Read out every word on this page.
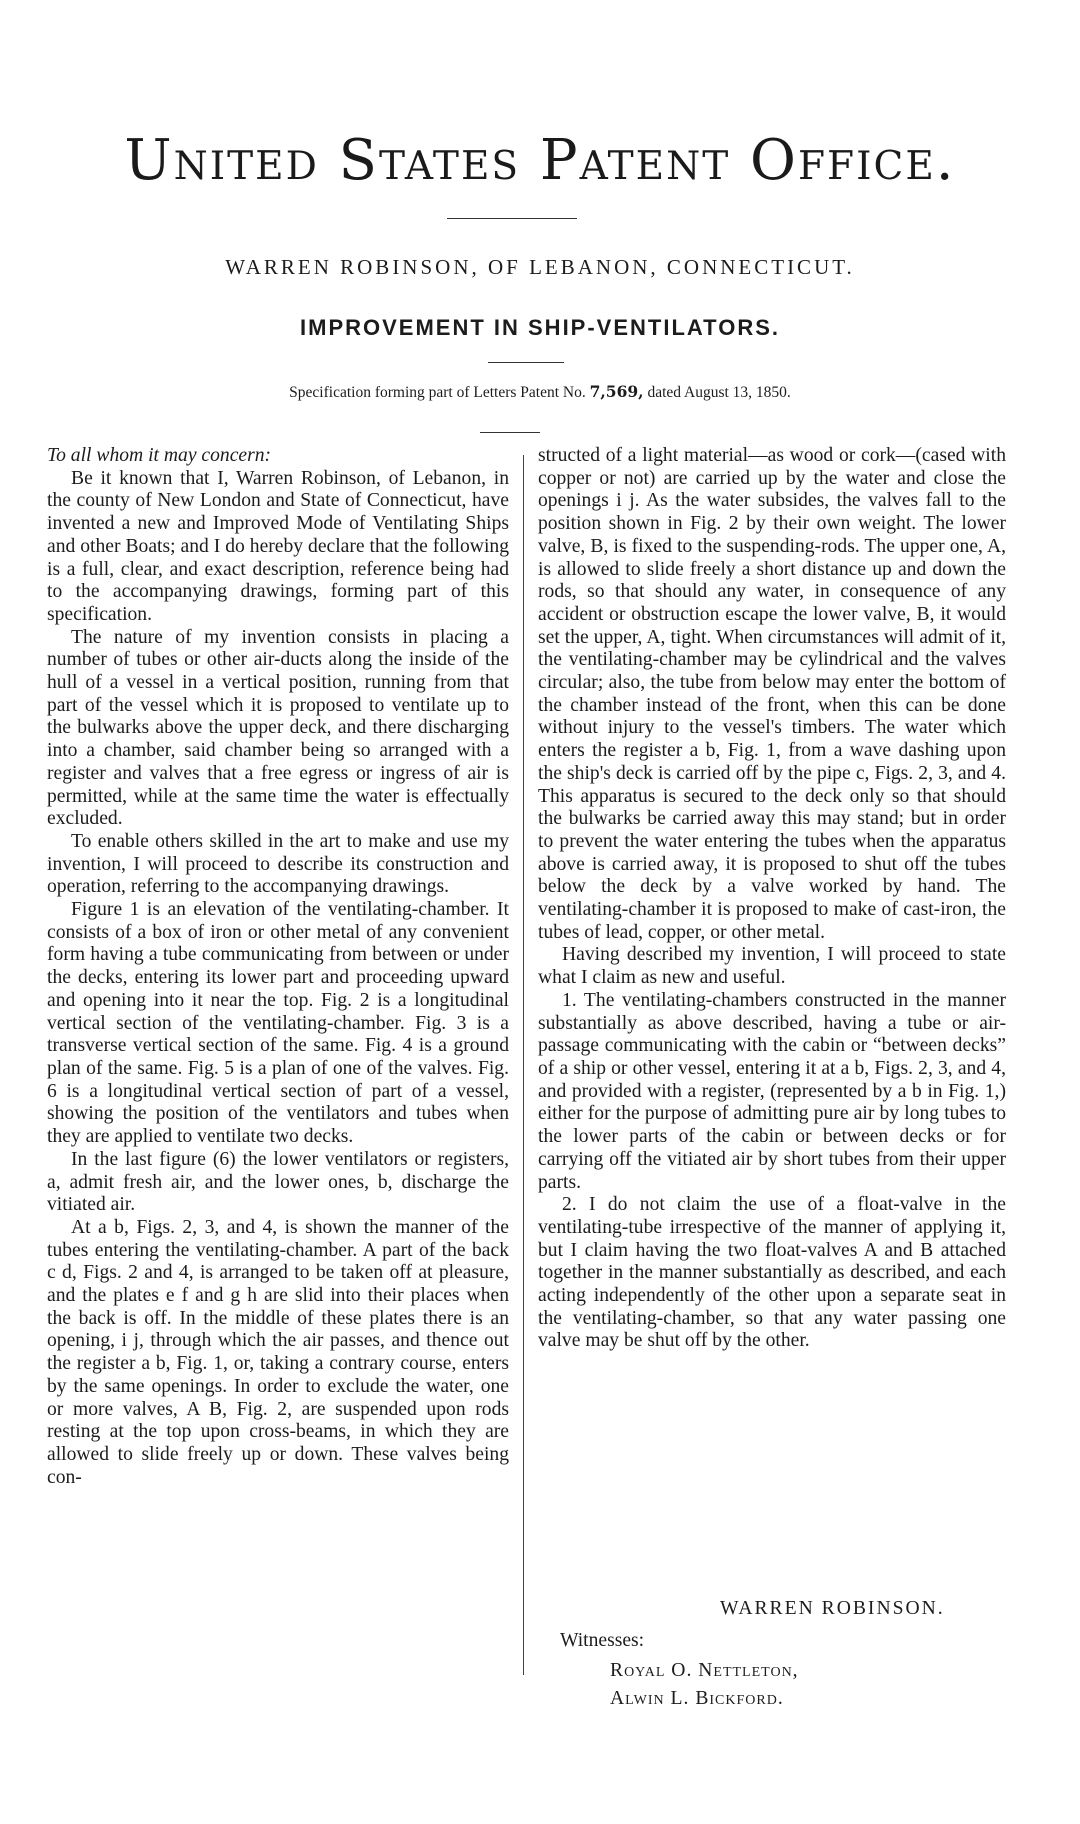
United States Patent Office.
WARREN ROBINSON, OF LEBANON, CONNECTICUT.
IMPROVEMENT IN SHIP-VENTILATORS.
Specification forming part of Letters Patent No. 7,569, dated August 13, 1850.

To all whom it may concern:

Be it known that I, Warren Robinson, of Lebanon, in the county of New London and State of Connecticut, have invented a new and Improved Mode of Ventilating Ships and other Boats; and I do hereby declare that the following is a full, clear, and exact description, reference being had to the accompanying drawings, forming part of this specification.

The nature of my invention consists in placing a number of tubes or other air-ducts along the inside of the hull of a vessel in a vertical position, running from that part of the vessel which it is proposed to ventilate up to the bulwarks above the upper deck, and there discharging into a chamber, said chamber being so arranged with a register and valves that a free egress or ingress of air is permitted, while at the same time the water is effectually excluded.

To enable others skilled in the art to make and use my invention, I will proceed to describe its construction and operation, referring to the accompanying drawings.

Figure 1 is an elevation of the ventilating-chamber. It consists of a box of iron or other metal of any convenient form having a tube communicating from between or under the decks, entering its lower part and proceeding upward and opening into it near the top. Fig. 2 is a longitudinal vertical section of the ventilating-chamber. Fig. 3 is a transverse vertical section of the same. Fig. 4 is a ground plan of the same. Fig. 5 is a plan of one of the valves. Fig. 6 is a longitudinal vertical section of part of a vessel, showing the position of the ventilators and tubes when they are applied to ventilate two decks.

In the last figure (6) the lower ventilators or registers, a, admit fresh air, and the lower ones, b, discharge the vitiated air.

At a b, Figs. 2, 3, and 4, is shown the manner of the tubes entering the ventilating-chamber. A part of the back c d, Figs. 2 and 4, is arranged to be taken off at pleasure, and the plates e f and g h are slid into their places when the back is off. In the middle of these plates there is an opening, i j, through which the air passes, and thence out the register a b, Fig. 1, or, taking a contrary course, enters by the same openings. In order to exclude the water, one or more valves, A B, Fig. 2, are suspended upon rods resting at the top upon cross-beams, in which they are allowed to slide freely up or down. These valves being con-

structed of a light material—as wood or cork—(cased with copper or not) are carried up by the water and close the openings i j. As the water subsides, the valves fall to the position shown in Fig. 2 by their own weight. The lower valve, B, is fixed to the suspending-rods. The upper one, A, is allowed to slide freely a short distance up and down the rods, so that should any water, in consequence of any accident or obstruction escape the lower valve, B, it would set the upper, A, tight. When circumstances will admit of it, the ventilating-chamber may be cylindrical and the valves circular; also, the tube from below may enter the bottom of the chamber instead of the front, when this can be done without injury to the vessel's timbers. The water which enters the register a b, Fig. 1, from a wave dashing upon the ship's deck is carried off by the pipe c, Figs. 2, 3, and 4. This apparatus is secured to the deck only so that should the bulwarks be carried away this may stand; but in order to prevent the water entering the tubes when the apparatus above is carried away, it is proposed to shut off the tubes below the deck by a valve worked by hand. The ventilating-chamber it is proposed to make of cast-iron, the tubes of lead, copper, or other metal.

Having described my invention, I will proceed to state what I claim as new and useful.

1. The ventilating-chambers constructed in the manner substantially as above described, having a tube or air-passage communicating with the cabin or “between decks” of a ship or other vessel, entering it at a b, Figs. 2, 3, and 4, and provided with a register, (represented by a b in Fig. 1,) either for the purpose of admitting pure air by long tubes to the lower parts of the cabin or between decks or for carrying off the vitiated air by short tubes from their upper parts.

2. I do not claim the use of a float-valve in the ventilating-tube irrespective of the manner of applying it, but I claim having the two float-valves A and B attached together in the manner substantially as described, and each acting independently of the other upon a separate seat in the ventilating-chamber, so that any water passing one valve may be shut off by the other.

WARREN ROBINSON.
Witnesses:
Royal O. Nettleton,
Alwin L. Bickford.
